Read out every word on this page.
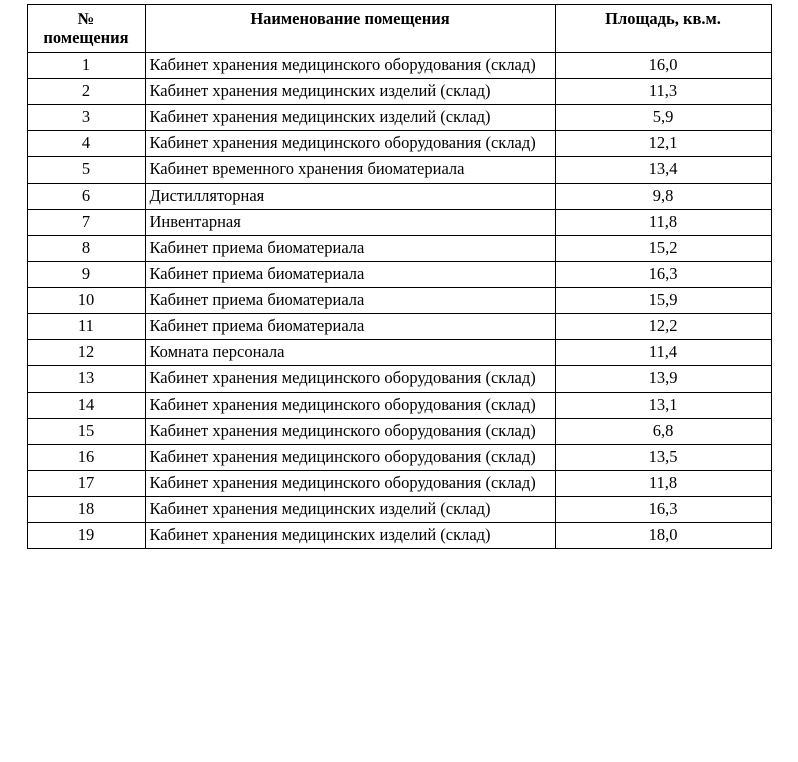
№
помещения	Наименование помещения	Площадь, кв.м.
1	Кабинет хранения медицинского оборудования (склад)	16,0
2	Кабинет хранения медицинских изделий (склад)	11,3
3	Кабинет хранения медицинских изделий (склад)	5,9
4	Кабинет хранения медицинского оборудования (склад)	12,1
5	Кабинет временного хранения биоматериала	13,4
6	Дистилляторная	9,8
7	Инвентарная	11,8
8	Кабинет приема биоматериала	15,2
9	Кабинет приема биоматериала	16,3
10	Кабинет приема биоматериала	15,9
11	Кабинет приема биоматериала	12,2
12	Комната персонала	11,4
13	Кабинет хранения медицинского оборудования (склад)	13,9
14	Кабинет хранения медицинского оборудования (склад)	13,1
15	Кабинет хранения медицинского оборудования (склад)	6,8
16	Кабинет хранения медицинского оборудования (склад)	13,5
17	Кабинет хранения медицинского оборудования (склад)	11,8
18	Кабинет хранения медицинских изделий (склад)	16,3
19	Кабинет хранения медицинских изделий (склад)	18,0
